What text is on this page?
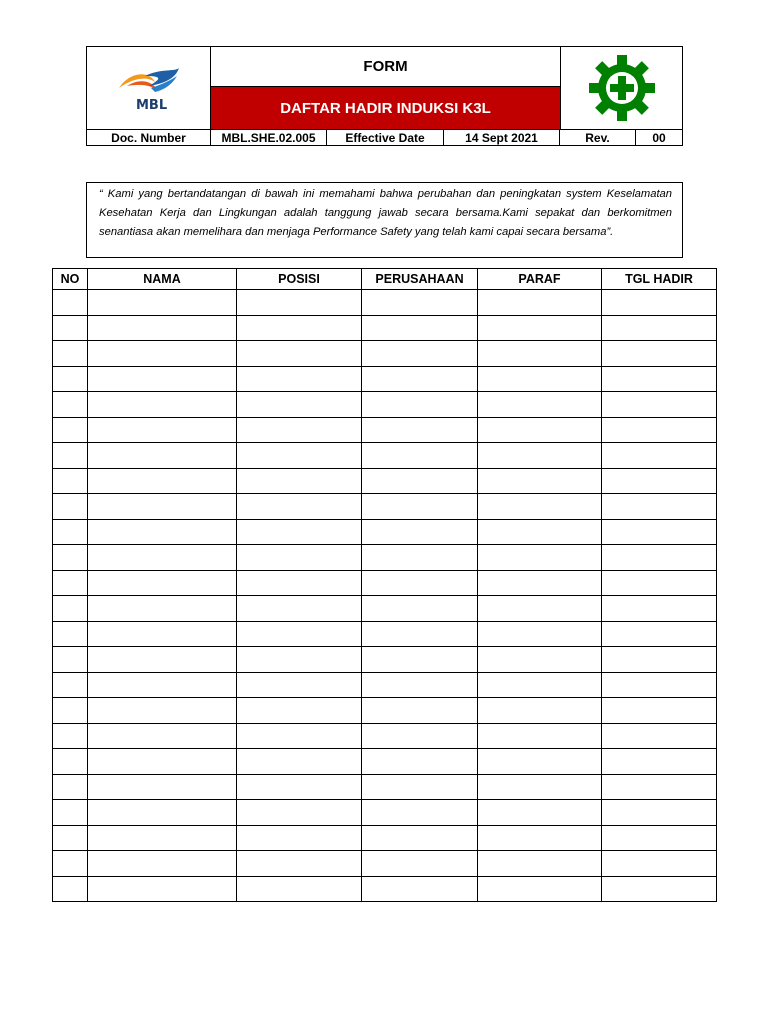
MBL
FORM
DAFTAR HADIR INDUKSI K3L
Doc. Number	MBL.SHE.02.005	Effective Date	14 Sept 2021	Rev.	00
“ Kami yang bertandatangan di bawah ini memahami bahwa perubahan dan peningkatan system Keselamatan Kesehatan Kerja dan Lingkungan adalah tanggung jawab secara bersama.Kami sepakat dan berkomitmen senantiasa akan memelihara dan menjaga Performance Safety yang telah kami capai secara bersama”.
NO	NAMA	POSISI	PERUSAHAAN	PARAF	TGL HADIR
